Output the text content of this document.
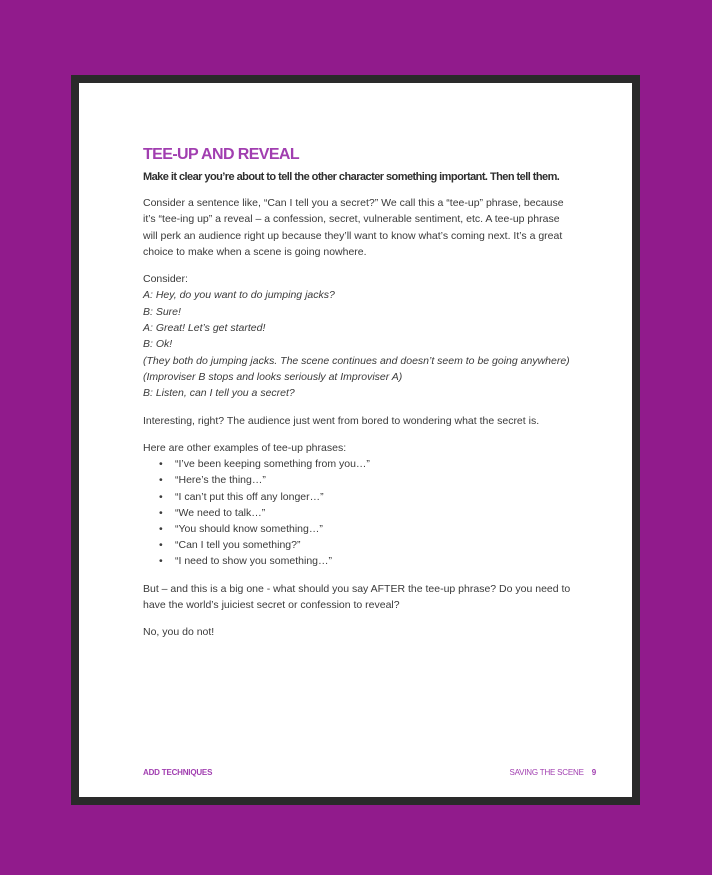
TEE-UP AND REVEAL

Make it clear you’re about to tell the other character something important. Then tell them.

Consider a sentence like, “Can I tell you a secret?” We call this a “tee-up” phrase, because it’s “tee-ing up” a reveal – a confession, secret, vulnerable sentiment, etc. A tee-up phrase will perk an audience right up because they’ll want to know what’s coming next. It’s a great choice to make when a scene is going nowhere.

Consider:
A: Hey, do you want to do jumping jacks?
B: Sure!
A: Great! Let’s get started!
B: Ok!
(They both do jumping jacks. The scene continues and doesn’t seem to be going anywhere)
(Improviser B stops and looks seriously at Improviser A)
B: Listen, can I tell you a secret?

Interesting, right? The audience just went from bored to wondering what the secret is.

Here are other examples of tee-up phrases:
• “I’ve been keeping something from you…”
• “Here’s the thing…”
• “I can’t put this off any longer…”
• “We need to talk…”
• “You should know something…”
• “Can I tell you something?”
• “I need to show you something…”

But – and this is a big one - what should you say AFTER the tee-up phrase? Do you need to have the world’s juiciest secret or confession to reveal?

No, you do not!

ADD TECHNIQUES	SAVING THE SCENE 9
